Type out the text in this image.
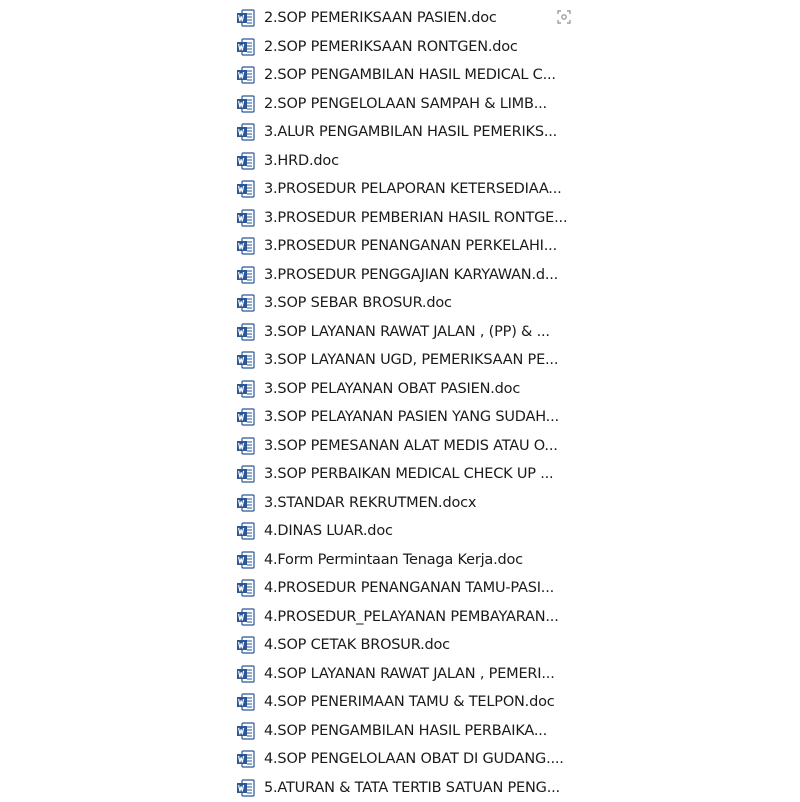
2.SOP PEMERIKSAAN PASIEN.doc
2.SOP PEMERIKSAAN RONTGEN.doc
2.SOP PENGAMBILAN HASIL MEDICAL C...
2.SOP PENGELOLAAN SAMPAH & LIMB...
3.ALUR PENGAMBILAN HASIL PEMERIKS...
3.HRD.doc
3.PROSEDUR PELAPORAN KETERSEDIAA...
3.PROSEDUR PEMBERIAN HASIL RONTGE...
3.PROSEDUR PENANGANAN PERKELAHI...
3.PROSEDUR PENGGAJIAN KARYAWAN.d...
3.SOP SEBAR BROSUR.doc
3.SOP LAYANAN RAWAT JALAN , (PP) & ...
3.SOP LAYANAN UGD, PEMERIKSAAN PE...
3.SOP PELAYANAN OBAT PASIEN.doc
3.SOP PELAYANAN PASIEN YANG SUDAH...
3.SOP PEMESANAN ALAT MEDIS ATAU O...
3.SOP PERBAIKAN MEDICAL CHECK UP ...
3.STANDAR REKRUTMEN.docx
4.DINAS LUAR.doc
4.Form Permintaan Tenaga Kerja.doc
4.PROSEDUR PENANGANAN TAMU-PASI...
4.PROSEDUR_PELAYANAN PEMBAYARAN...
4.SOP CETAK BROSUR.doc
4.SOP LAYANAN RAWAT JALAN , PEMERI...
4.SOP PENERIMAAN TAMU & TELPON.doc
4.SOP PENGAMBILAN HASIL PERBAIKA...
4.SOP PENGELOLAAN OBAT DI GUDANG....
5.ATURAN & TATA TERTIB SATUAN PENG...
